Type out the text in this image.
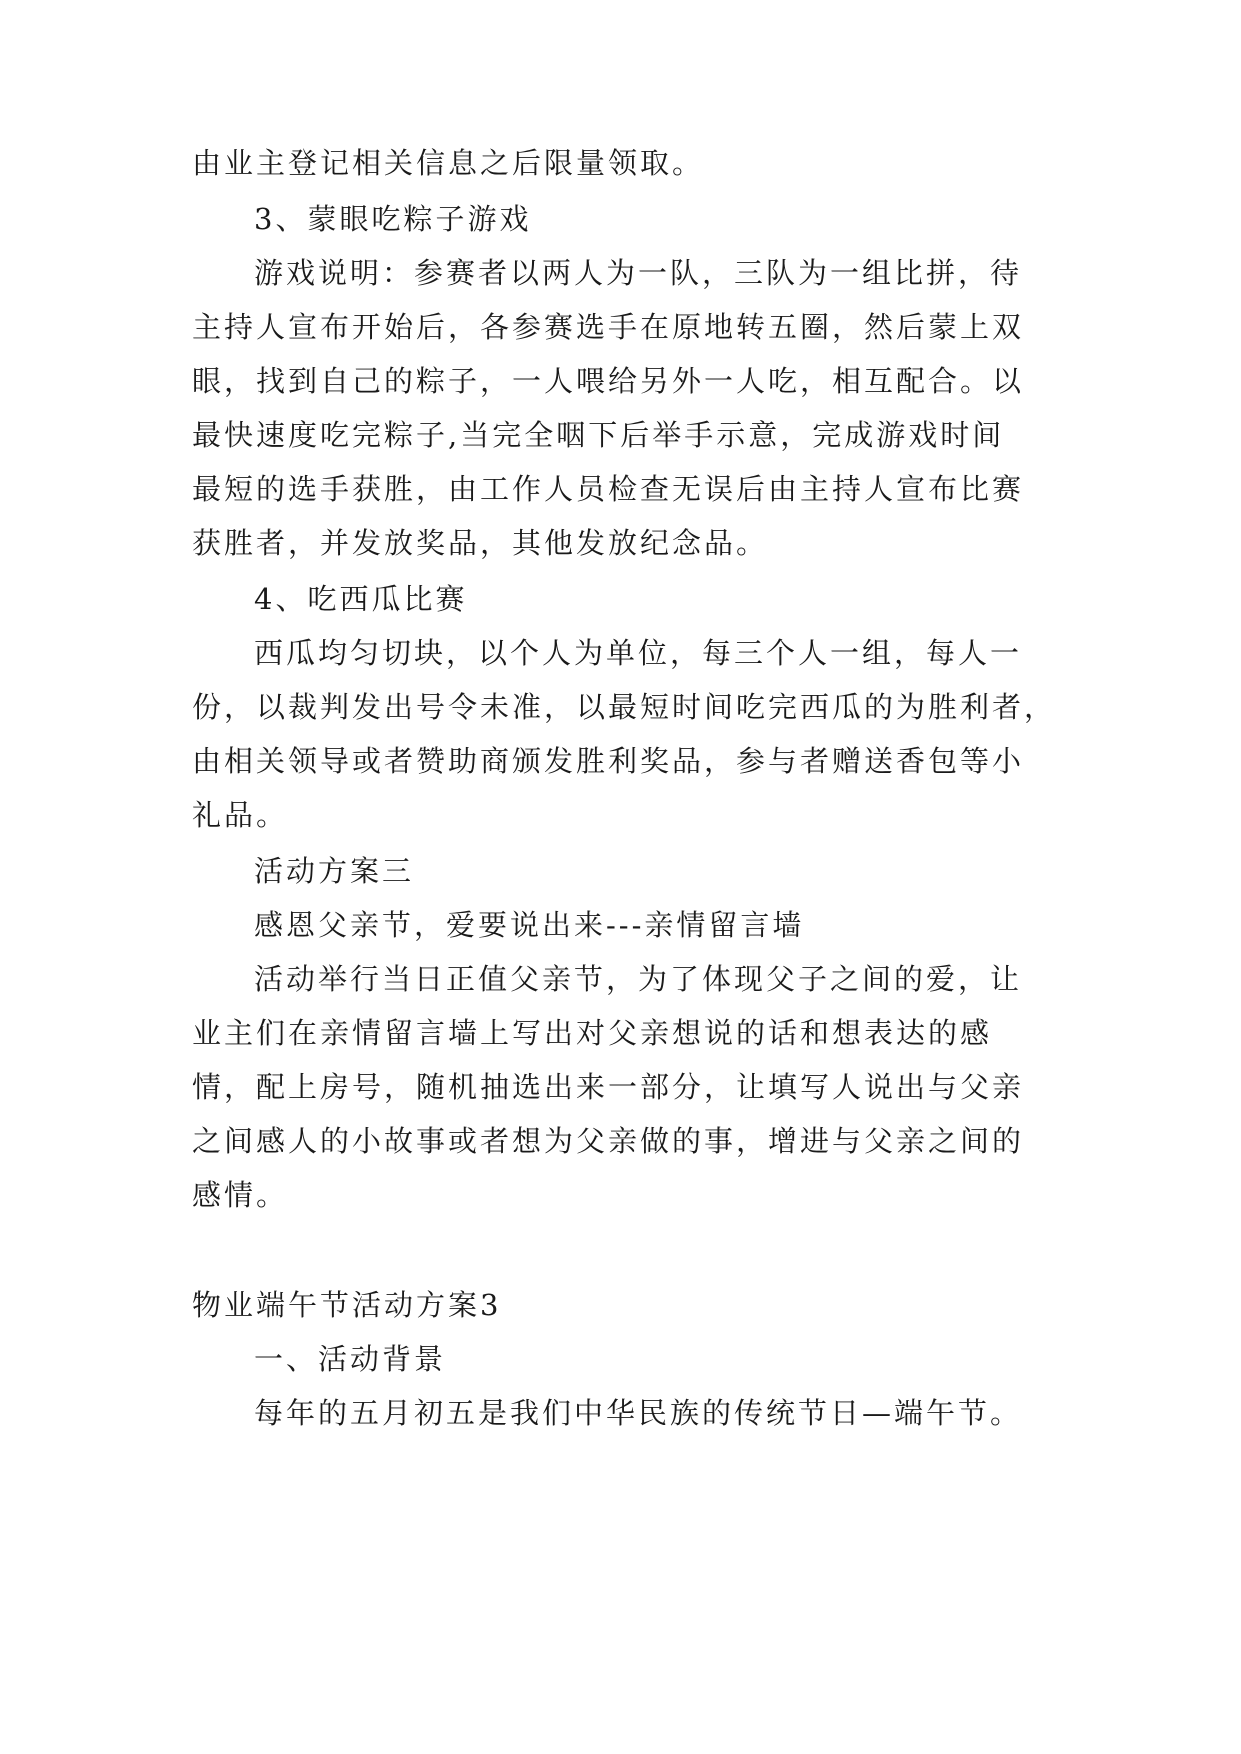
由业主登记相关信息之后限量领取。
3、蒙眼吃粽子游戏
游戏说明：参赛者以两人为一队，三队为一组比拼，待
主持人宣布开始后，各参赛选手在原地转五圈，然后蒙上双
眼，找到自己的粽子，一人喂给另外一人吃，相互配合。以
最快速度吃完粽子,当完全咽下后举手示意，完成游戏时间
最短的选手获胜，由工作人员检查无误后由主持人宣布比赛
获胜者，并发放奖品，其他发放纪念品。
4、吃西瓜比赛
西瓜均匀切块，以个人为单位，每三个人一组，每人一
份，以裁判发出号令未准，以最短时间吃完西瓜的为胜利者，
由相关领导或者赞助商颁发胜利奖品，参与者赠送香包等小
礼品。
活动方案三
感恩父亲节，爱要说出来---亲情留言墙
活动举行当日正值父亲节，为了体现父子之间的爱，让
业主们在亲情留言墙上写出对父亲想说的话和想表达的感
情，配上房号，随机抽选出来一部分，让填写人说出与父亲
之间感人的小故事或者想为父亲做的事，增进与父亲之间的
感情。
物业端午节活动方案3
一、活动背景
每年的五月初五是我们中华民族的传统节日—端午节。
